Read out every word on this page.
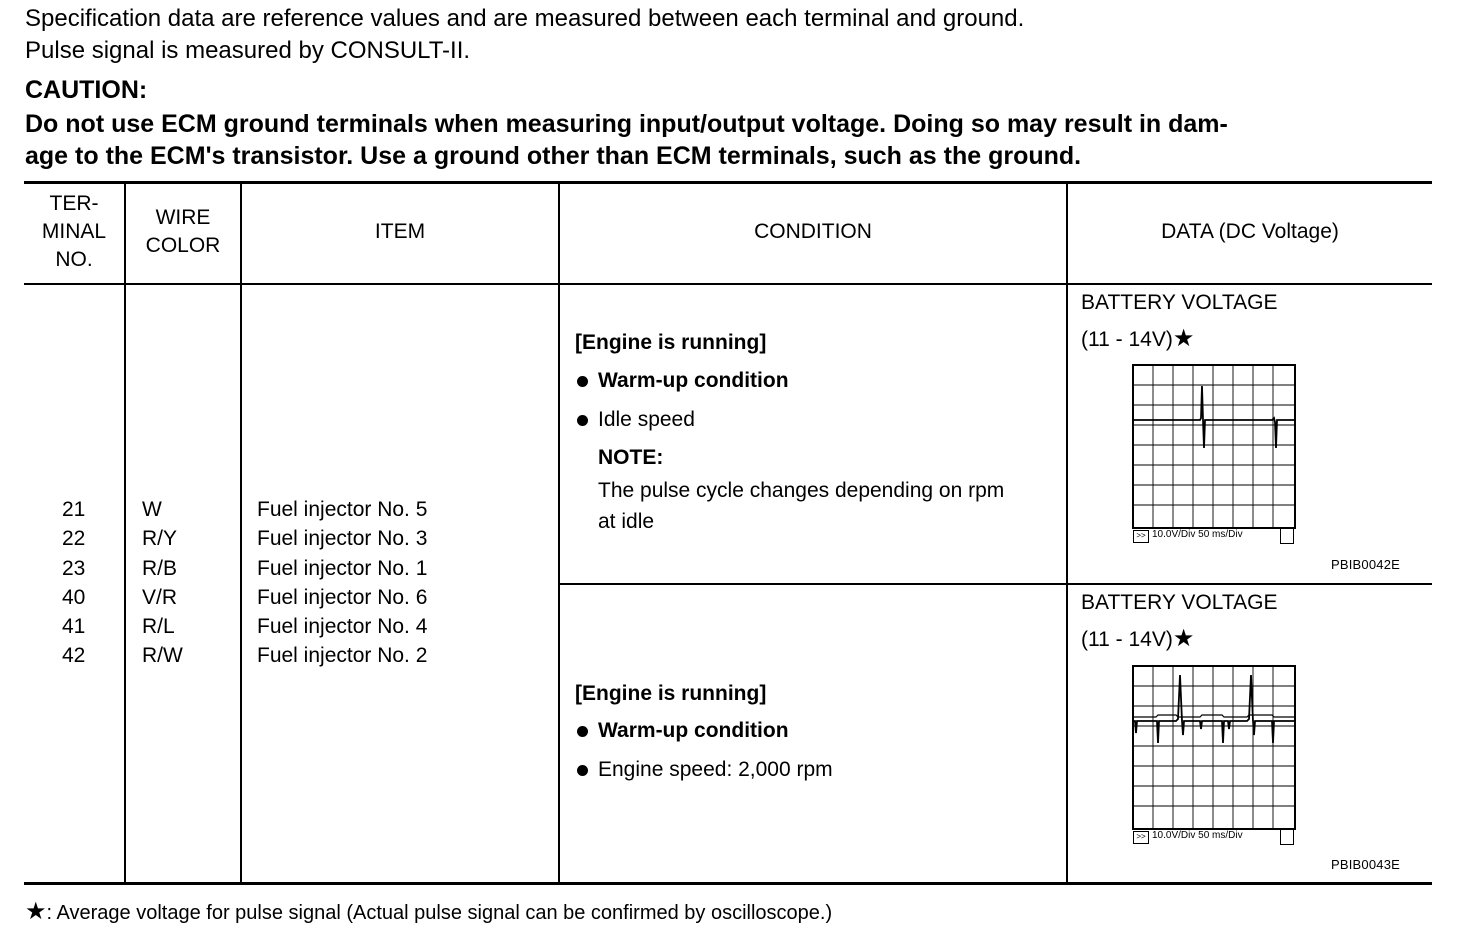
Specification data are reference values and are measured between each terminal and ground.
Pulse signal is measured by CONSULT-II.
CAUTION:
Do not use ECM ground terminals when measuring input/output voltage. Doing so may result in dam-
age to the ECM's transistor. Use a ground other than ECM terminals, such as the ground.
TER-
MINAL
NO.
WIRE
COLOR
ITEM	CONDITION	DATA (DC Voltage)
21
22
23
40
41
42
W
R/Y
R/B
V/R
R/L
R/W
Fuel injector No. 5
Fuel injector No. 3
Fuel injector No. 1
Fuel injector No. 6
Fuel injector No. 4
Fuel injector No. 2
[Engine is running]
Warm-up condition
Idle speed
NOTE:
The pulse cycle changes depending on rpm
at idle
[Engine is running]
Warm-up condition
Engine speed: 2,000 rpm
BATTERY VOLTAGE
(11 - 14V)★
>> 10.0V/Div 50 ms/Div
PBIB0042E
BATTERY VOLTAGE
(11 - 14V)★
>> 10.0V/Div 50 ms/Div
PBIB0043E
★: Average voltage for pulse signal (Actual pulse signal can be confirmed by oscilloscope.)
